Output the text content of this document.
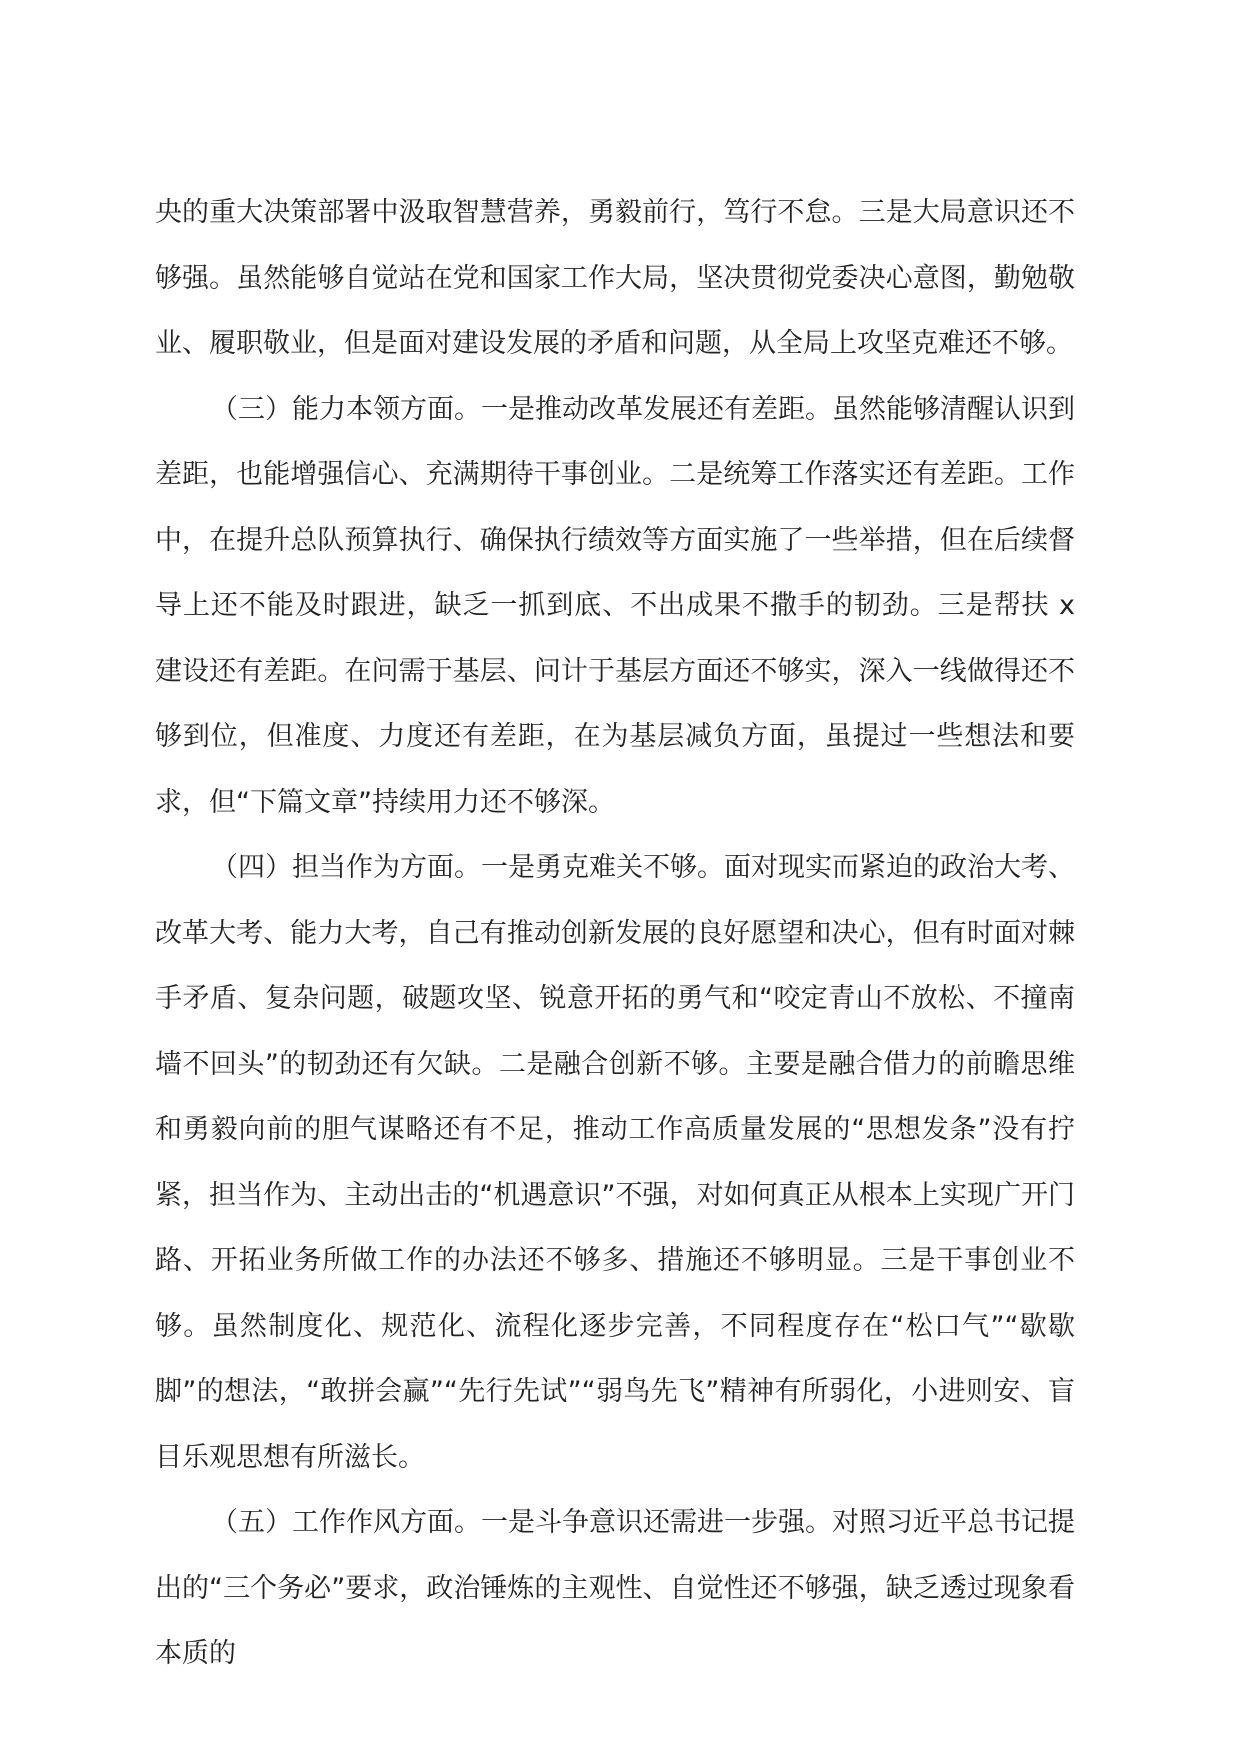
央的重大决策部署中汲取智慧营养，勇毅前行，笃行不怠。三是大局意识还不够强。虽然能够自觉站在党和国家工作大局，坚决贯彻党委决心意图，勤勉敬业、履职敬业，但是面对建设发展的矛盾和问题，从全局上攻坚克难还不够。

（三）能力本领方面。一是推动改革发展还有差距。虽然能够清醒认识到差距，也能增强信心、充满期待干事创业。二是统筹工作落实还有差距。工作中，在提升总队预算执行、确保执行绩效等方面实施了一些举措，但在后续督导上还不能及时跟进，缺乏一抓到底、不出成果不撒手的韧劲。三是帮扶 x 建设还有差距。在问需于基层、问计于基层方面还不够实，深入一线做得还不够到位，但准度、力度还有差距，在为基层减负方面，虽提过一些想法和要求，但“下篇文章”持续用力还不够深。

（四）担当作为方面。一是勇克难关不够。面对现实而紧迫的政治大考、改革大考、能力大考，自己有推动创新发展的良好愿望和决心，但有时面对棘手矛盾、复杂问题，破题攻坚、锐意开拓的勇气和“咬定青山不放松、不撞南墙不回头”的韧劲还有欠缺。二是融合创新不够。主要是融合借力的前瞻思维和勇毅向前的胆气谋略还有不足，推动工作高质量发展的“思想发条”没有拧紧，担当作为、主动出击的“机遇意识”不强，对如何真正从根本上实现广开门路、开拓业务所做工作的办法还不够多、措施还不够明显。三是干事创业不够。虽然制度化、规范化、流程化逐步完善，不同程度存在“松口气”“歇歇脚”的想法，“敢拼会赢”“先行先试”“弱鸟先飞”精神有所弱化，小进则安、盲目乐观思想有所滋长。

（五）工作作风方面。一是斗争意识还需进一步强。对照习近平总书记提出的“三个务必”要求，政治锤炼的主观性、自觉性还不够强，缺乏透过现象看本质的
